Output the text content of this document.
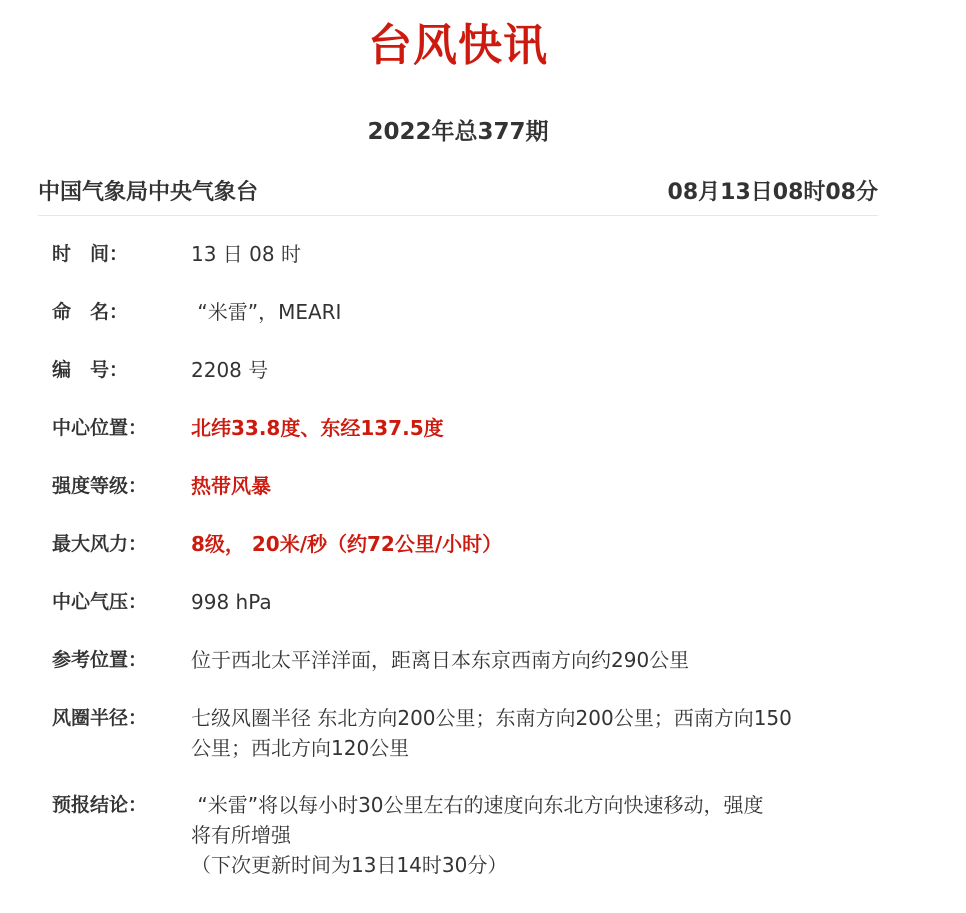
台风快讯
2022年总377期
中国气象局中央气象台	08月13日08时08分
时　间：	13 日 08 时
命　名：	“米雷”，MEARI
编　号：	2208 号
中心位置：	北纬33.8度、东经137.5度
强度等级：	热带风暴
最大风力：	8级， 20米/秒（约72公里/小时）
中心气压：	998 hPa
参考位置：	位于西北太平洋洋面，距离日本东京西南方向约290公里
风圈半径：	七级风圈半径 东北方向200公里；东南方向200公里；西南方向150
公里；西北方向120公里
预报结论：	“米雷”将以每小时30公里左右的速度向东北方向快速移动，强度
将有所增强
（下次更新时间为13日14时30分）
